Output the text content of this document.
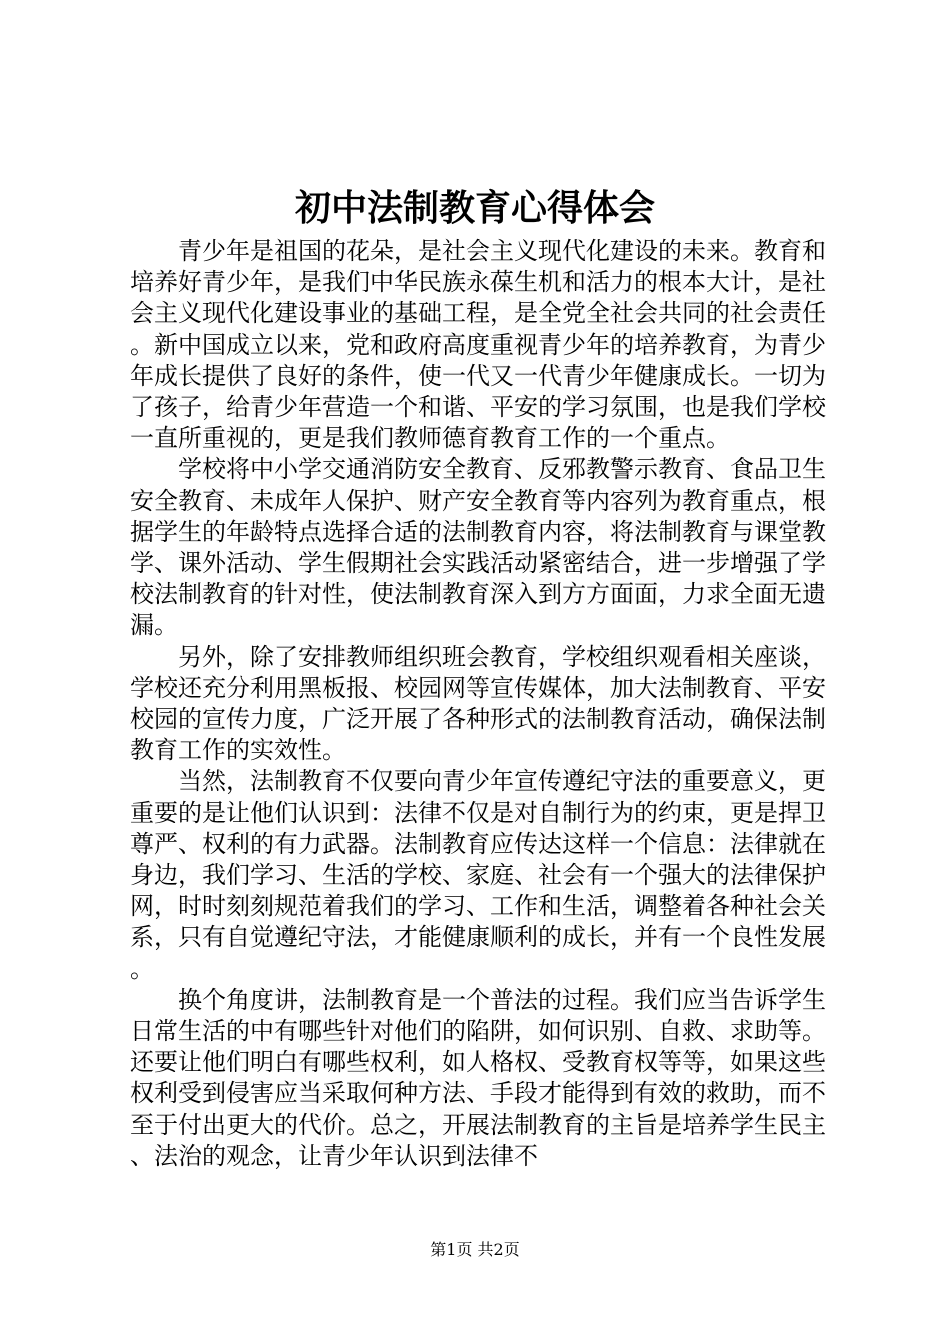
初中法制教育心得体会

青少年是祖国的花朵，是社会主义现代化建设的未来。教育和培养好青少年，是我们中华民族永葆生机和活力的根本大计，是社会主义现代化建设事业的基础工程，是全党全社会共同的社会责任。新中国成立以来，党和政府高度重视青少年的培养教育，为青少年成长提供了良好的条件，使一代又一代青少年健康成长。一切为了孩子，给青少年营造一个和谐、平安的学习氛围，也是我们学校一直所重视的，更是我们教师德育教育工作的一个重点。

学校将中小学交通消防安全教育、反邪教警示教育、食品卫生安全教育、未成年人保护、财产安全教育等内容列为教育重点，根据学生的年龄特点选择合适的法制教育内容，将法制教育与课堂教学、课外活动、学生假期社会实践活动紧密结合，进一步增强了学校法制教育的针对性，使法制教育深入到方方面面，力求全面无遗漏。

另外，除了安排教师组织班会教育，学校组织观看相关座谈，学校还充分利用黑板报、校园网等宣传媒体，加大法制教育、平安校园的宣传力度，广泛开展了各种形式的法制教育活动，确保法制教育工作的实效性。

当然，法制教育不仅要向青少年宣传遵纪守法的重要意义，更重要的是让他们认识到：法律不仅是对自制行为的约束，更是捍卫尊严、权利的有力武器。法制教育应传达这样一个信息：法律就在身边，我们学习、生活的学校、家庭、社会有一个强大的法律保护网，时时刻刻规范着我们的学习、工作和生活，调整着各种社会关系，只有自觉遵纪守法，才能健康顺利的成长，并有一个良性发展。

换个角度讲，法制教育是一个普法的过程。我们应当告诉学生日常生活的中有哪些针对他们的陷阱，如何识别、自救、求助等。还要让他们明白有哪些权利，如人格权、受教育权等等，如果这些权利受到侵害应当采取何种方法、手段才能得到有效的救助，而不至于付出更大的代价。总之，开展法制教育的主旨是培养学生民主、法治的观念，让青少年认识到法律不

第1页 共2页
